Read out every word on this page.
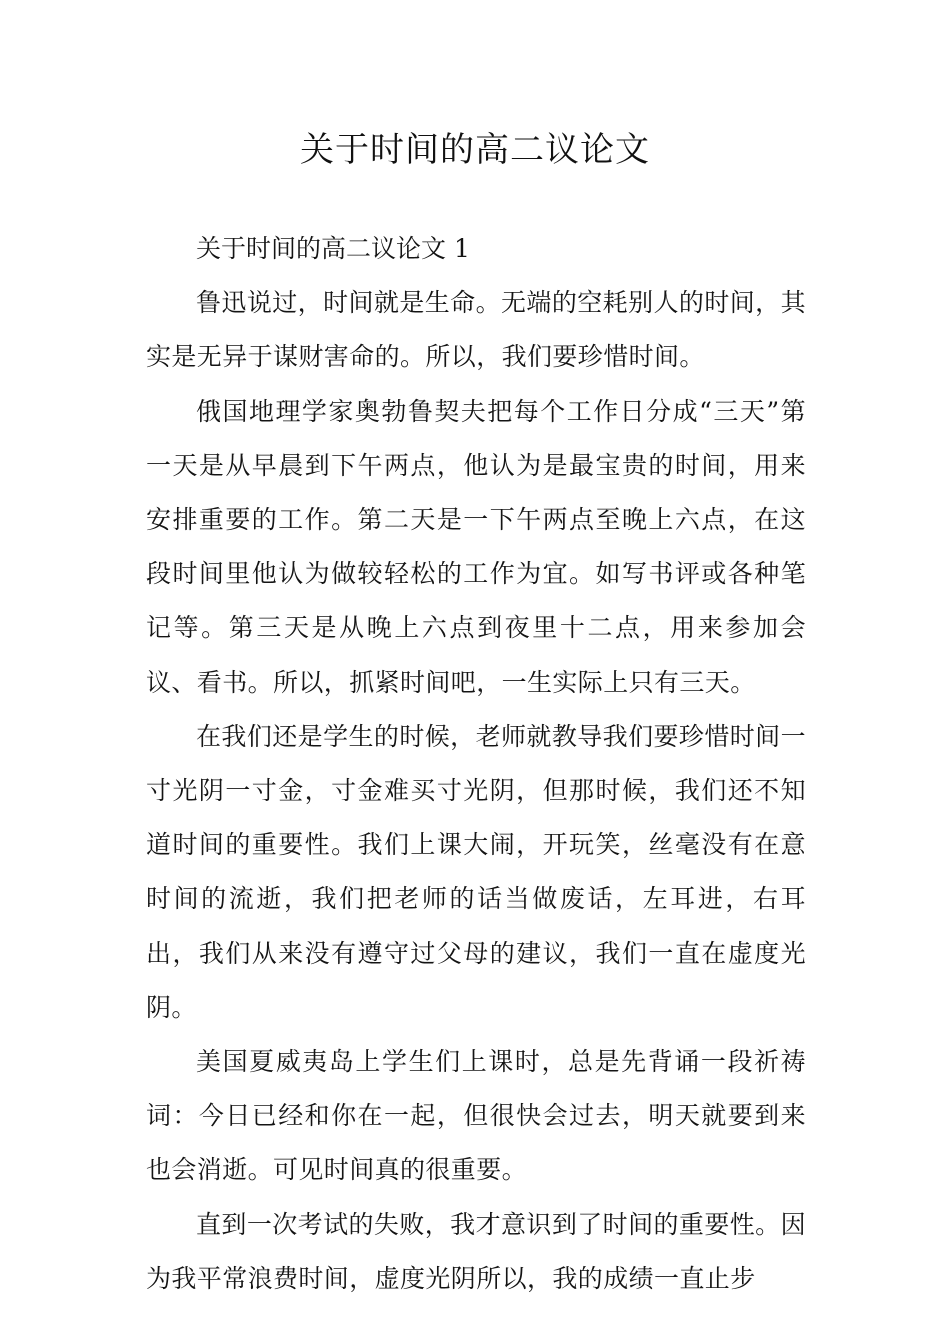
关于时间的高二议论文

关于时间的高二议论文 1

鲁迅说过，时间就是生命。无端的空耗别人的时间，其实是无异于谋财害命的。所以，我们要珍惜时间。

俄国地理学家奥勃鲁契夫把每个工作日分成“三天”第一天是从早晨到下午两点，他认为是最宝贵的时间，用来安排重要的工作。第二天是一下午两点至晚上六点，在这段时间里他认为做较轻松的工作为宜。如写书评或各种笔记等。第三天是从晚上六点到夜里十二点，用来参加会议、看书。所以，抓紧时间吧，一生实际上只有三天。

在我们还是学生的时候，老师就教导我们要珍惜时间一寸光阴一寸金，寸金难买寸光阴，但那时候，我们还不知道时间的重要性。我们上课大闹，开玩笑，丝毫没有在意时间的流逝，我们把老师的话当做废话，左耳进，右耳出，我们从来没有遵守过父母的建议，我们一直在虚度光阴。

美国夏威夷岛上学生们上课时，总是先背诵一段祈祷词：今日已经和你在一起，但很快会过去，明天就要到来也会消逝。可见时间真的很重要。

直到一次考试的失败，我才意识到了时间的重要性。因为我平常浪费时间，虚度光阴所以，我的成绩一直止步
